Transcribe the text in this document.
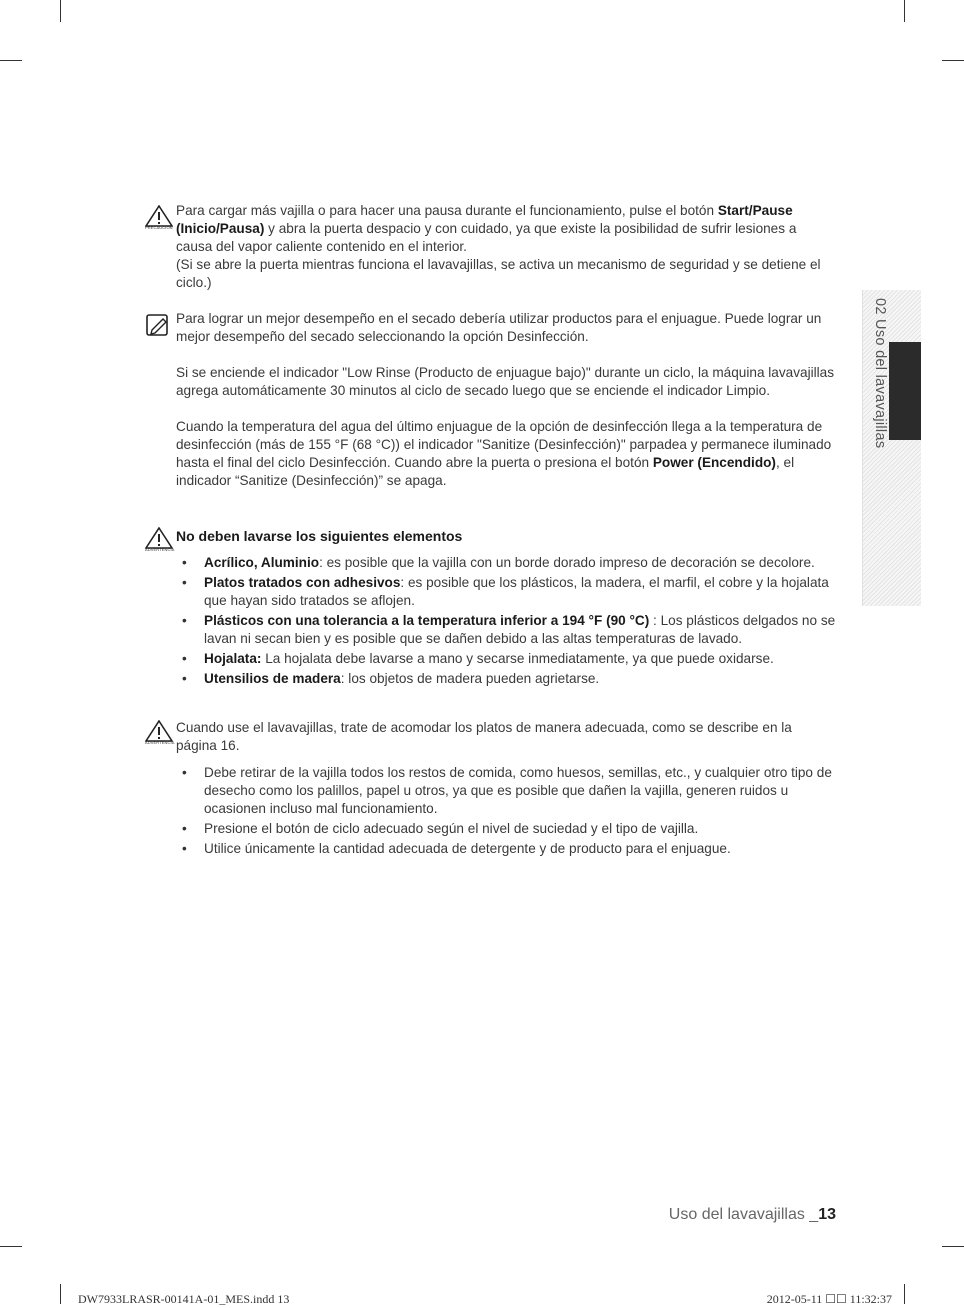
02 Uso del lavavajillas
PRECAUCIÓN

Para cargar más vajilla o para hacer una pausa durante el funcionamiento, pulse el botón Start/Pause (Inicio/Pausa) y abra la puerta despacio y con cuidado, ya que existe la posibilidad de sufrir lesiones a causa del vapor caliente contenido en el interior.

(Si se abre la puerta mientras funciona el lavavajillas, se activa un mecanismo de seguridad y se detiene el ciclo.)

Para lograr un mejor desempeño en el secado debería utilizar productos para el enjuague. Puede lograr un mejor desempeño del secado seleccionando la opción Desinfección.

Si se enciende el indicador "Low Rinse (Producto de enjuague bajo)" durante un ciclo, la máquina lavavajillas agrega automáticamente 30 minutos al ciclo de secado luego que se enciende el indicador Limpio.

Cuando la temperatura del agua del último enjuague de la opción de desinfección llega a la temperatura de desinfección (más de 155 °F (68 °C)) el indicador "Sanitize (Desinfección)" parpadea y permanece iluminado hasta el final del ciclo Desinfección. Cuando abre la puerta o presiona el botón Power (Encendido), el indicador “Sanitize (Desinfección)” se apaga.

ADVERTENCIA

No deben lavarse los siguientes elementos

• Acrílico, Aluminio: es posible que la vajilla con un borde dorado impreso de decoración se decolore.
• Platos tratados con adhesivos: es posible que los plásticos, la madera, el marfil, el cobre y la hojalata que hayan sido tratados se aflojen.
• Plásticos con una tolerancia a la temperatura inferior a 194 °F (90 °C) : Los plásticos delgados no se lavan ni secan bien y es posible que se dañen debido a las altas temperaturas de lavado.
• Hojalata: La hojalata debe lavarse a mano y secarse inmediatamente, ya que puede oxidarse.
• Utensilios de madera: los objetos de madera pueden agrietarse.
ADVERTENCIA

Cuando use el lavavajillas, trate de acomodar los platos de manera adecuada, como se describe en la página 16.

• Debe retirar de la vajilla todos los restos de comida, como huesos, semillas, etc., y cualquier otro tipo de desecho como los palillos, papel u otros, ya que es posible que dañen la vajilla, generen ruidos u ocasionen incluso mal funcionamiento.
• Presione el botón de ciclo adecuado según el nivel de suciedad y el tipo de vajilla.
• Utilice únicamente la cantidad adecuada de detergente y de producto para el enjuague.
Uso del lavavajillas _13
DW7933LRASR-00141A-01_MES.indd 13	2012-05-11 ☐☐ 11:32:37
